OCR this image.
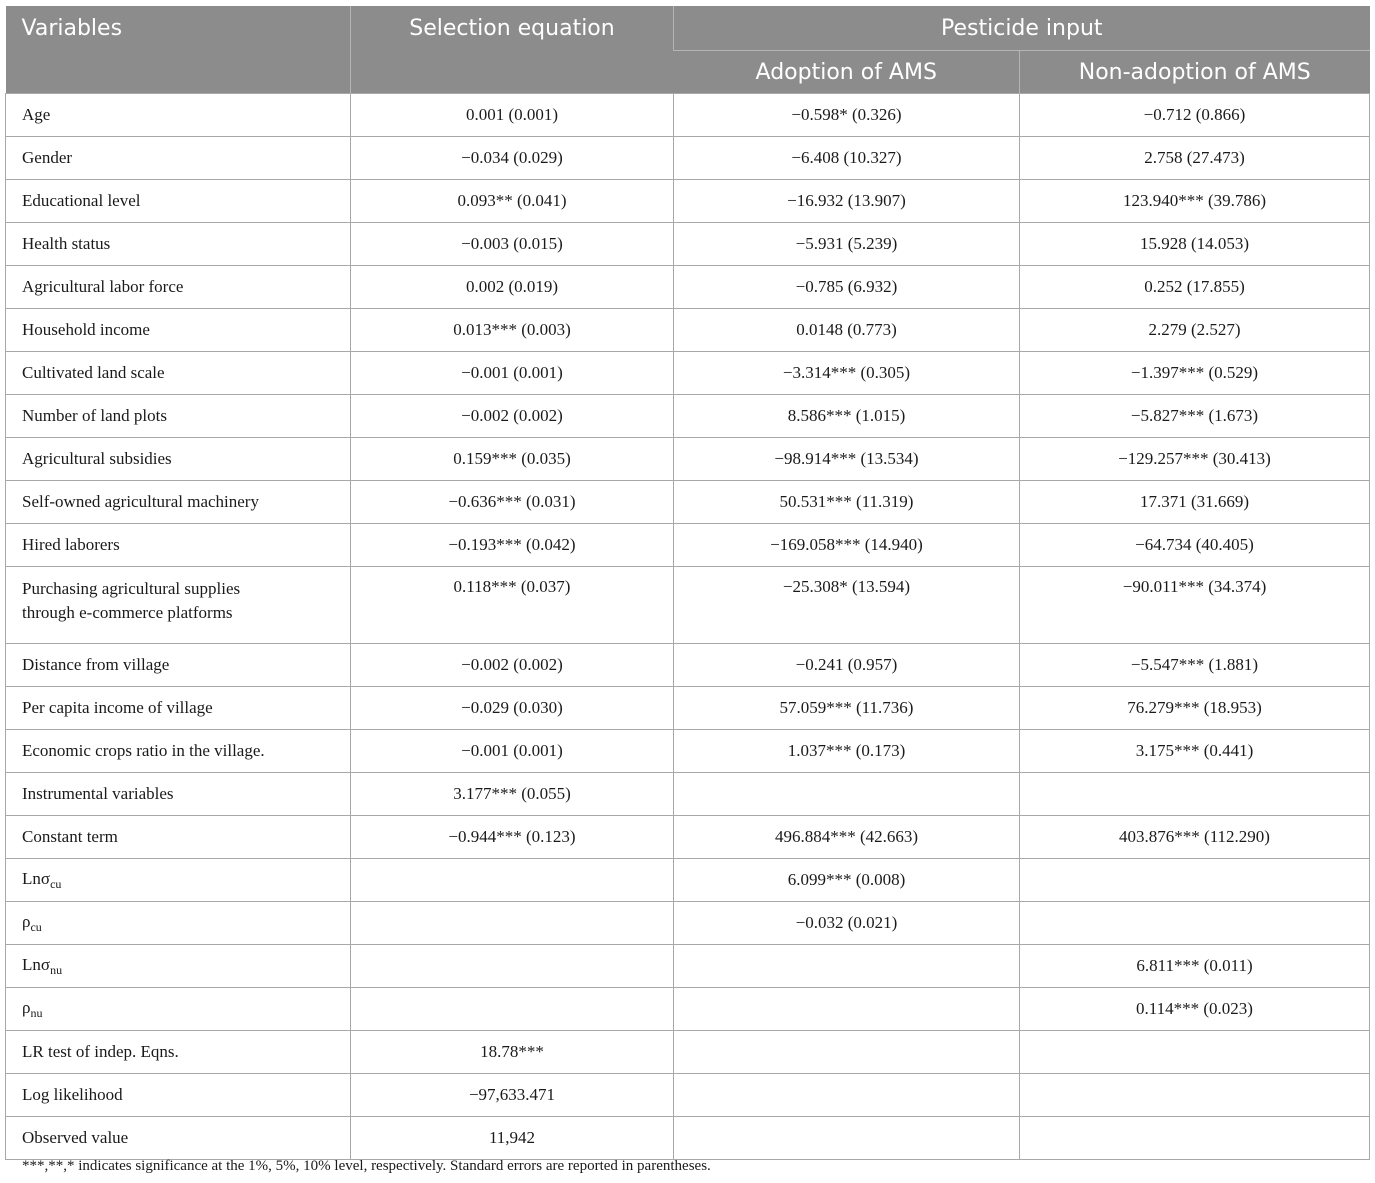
Variables	Selection equation	Pesticide input	
		Adoption of AMS	Non-adoption of AMS
Age	0.001 (0.001)	−0.598* (0.326)	−0.712 (0.866)
Gender	−0.034 (0.029)	−6.408 (10.327)	2.758 (27.473)
Educational level	0.093** (0.041)	−16.932 (13.907)	123.940*** (39.786)
Health status	−0.003 (0.015)	−5.931 (5.239)	15.928 (14.053)
Agricultural labor force	0.002 (0.019)	−0.785 (6.932)	0.252 (17.855)
Household income	0.013*** (0.003)	0.0148 (0.773)	2.279 (2.527)
Cultivated land scale	−0.001 (0.001)	−3.314*** (0.305)	−1.397*** (0.529)
Number of land plots	−0.002 (0.002)	8.586*** (1.015)	−5.827*** (1.673)
Agricultural subsidies	0.159*** (0.035)	−98.914*** (13.534)	−129.257*** (30.413)
Self-owned agricultural machinery	−0.636*** (0.031)	50.531*** (11.319)	17.371 (31.669)
Hired laborers	−0.193*** (0.042)	−169.058*** (14.940)	−64.734 (40.405)
Purchasing agricultural supplies
through e-commerce platforms	0.118*** (0.037)	−25.308* (13.594)	−90.011*** (34.374)
Distance from village	−0.002 (0.002)	−0.241 (0.957)	−5.547*** (1.881)
Per capita income of village	−0.029 (0.030)	57.059*** (11.736)	76.279*** (18.953)
Economic crops ratio in the village.	−0.001 (0.001)	1.037*** (0.173)	3.175*** (0.441)
Instrumental variables	3.177*** (0.055)		
Constant term	−0.944*** (0.123)	496.884*** (42.663)	403.876*** (112.290)
Lnσ$_{cu}$		6.099*** (0.008)	
$\rho_{cu}$		−0.032 (0.021)	
Lnσ$_{nu}$			6.811*** (0.011)
$\rho_{nu}$			0.114*** (0.023)
LR test of indep. Eqns.	18.78***		
Log likelihood	−97,633.471		
Observed value	11,942		
***,**,* indicates significance at the 1%, 5%, 10% level, respectively. Standard errors are reported in parentheses.
